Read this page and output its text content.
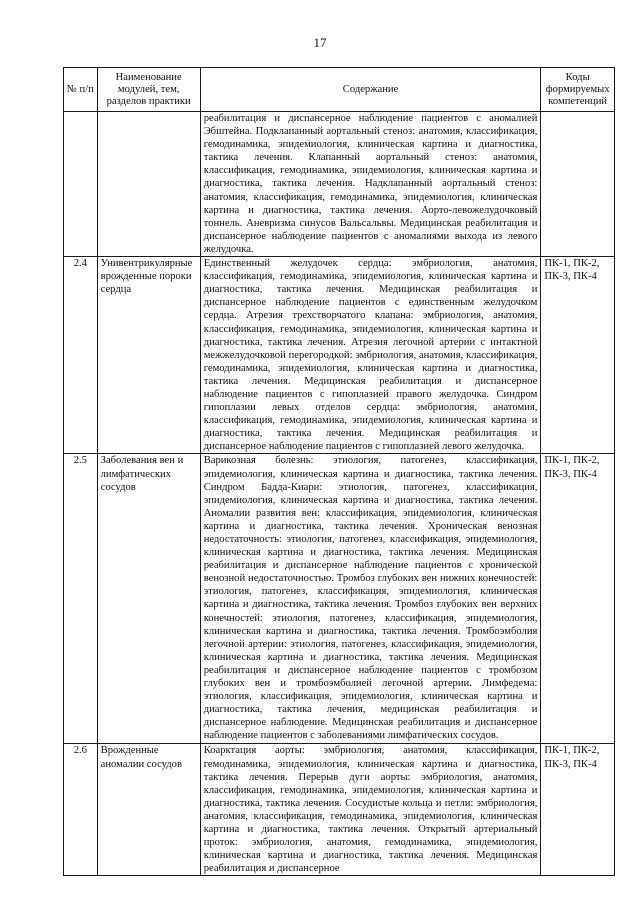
17
№ п/п	Наименование модулей, тем, разделов практики	Содержание	Коды формируемых компетенций
		реабилитация и диспансерное наблюдение пациентов с аномалией Эбштейна. Подклапанный аортальный стеноз: анатомия, классификация, гемодинамика, эпидемиология, клиническая картина и диагностика, тактика лечения. Клапанный аортальный стеноз: анатомия, классификация, гемодинамика, эпидемиология, клиническая картина и диагностика, тактика лечения. Надклапанный аортальный стеноз: анатомия, классификация, гемодинамика, эпидемиология, клиническая картина и диагностика, тактика лечения. Аорто-левожелудочковый тоннель. Аневризма синусов Вальсальвы. Медицинская реабилитация и диспансерное наблюдение пациентов с аномалиями выхода из левого желудочка.	
2.4	Унивентрикулярные врожденные пороки сердца	Единственный желудочек сердца: эмбриология, анатомия, классификация, гемодинамика, эпидемиология, клиническая картина и диагностика, тактика лечения. Медицинская реабилитация и диспансерное наблюдение пациентов с единственным желудочком сердца. Атрезия трехстворчатого клапана: эмбриология, анатомия, классификация, гемодинамика, эпидемиология, клиническая картина и диагностика, тактика лечения. Атрезия легочной артерии с интактной межжелудочковой перегородкой: эмбриология, анатомия, классификация, гемодинамика, эпидемиология, клиническая картина и диагностика, тактика лечения. Медицинская реабилитация и диспансерное наблюдение пациентов с гипоплазией правого желудочка. Синдром гипоплазии левых отделов сердца: эмбриология, анатомия, классификация, гемодинамика, эпидемиология, клиническая картина и диагностика, тактика лечения. Медицинская реабилитация и диспансерное наблюдение пациентов с гипоплазией левого желудочка.	ПК-1, ПК-2, ПК-3, ПК-4
2.5	Заболевания вен и лимфатических сосудов	Варикозная болезнь: этиология, патогенез, классификация, эпидемиология, клиническая картина и диагностика, тактика лечения. Синдром Бадда-Киари: этиология, патогенез, классификация, эпидемиология, клиническая картина и диагностика, тактика лечения. Аномалии развития вен: классификация, эпидемиология, клиническая картина и диагностика, тактика лечения. Хроническая венозная недостаточность: этиология, патогенез, классификация, эпидемиология, клиническая картина и диагностика, тактика лечения. Медицинская реабилитация и диспансерное наблюдение пациентов с хронической венозной недостаточностью. Тромбоз глубоких вен нижних конечностей: этиология, патогенез, классификация, эпидемиология, клиническая картина и диагностика, тактика лечения. Тромбоз глубоких вен верхних конечностей: этиология, патогенез, классификация, эпидемиология, клиническая картина и диагностика, тактика лечения. Тромбоэмболия легочной артерии: этиология, патогенез, классификация, эпидемиология, клиническая картина и диагностика, тактика лечения. Медицинская реабилитация и диспансерное наблюдение пациентов с тромбозом глубоких вен и тромбоэмболией легочной артерии. Лимфедема: этиология, классификация, эпидемиология, клиническая картина и диагностика, тактика лечения, медицинская реабилитация и диспансерное наблюдение. Медицинская реабилитация и диспансерное наблюдение пациентов с заболеваниями лимфатических сосудов.	ПК-1, ПК-2, ПК-3, ПК-4
2.6	Врожденные аномалии сосудов	Коарктация аорты: эмбриология, анатомия, классификация, гемодинамика, эпидемиология, клиническая картина и диагностика, тактика лечения. Перерыв дуги аорты: эмбриология, анатомия, классификация, гемодинамика, эпидемиология, клиническая картина и диагностика, тактика лечения. Сосудистые кольца и петли: эмбриология, анатомия, классификация, гемодинамика, эпидемиология, клиническая картина и диагностика, тактика лечения. Открытый артериальный проток: эмбриология, анатомия, гемодинамика, эпидемиология, клиническая картина и диагностика, тактика лечения. Медицинская реабилитация и диспансерное	ПК-1, ПК-2, ПК-3, ПК-4
